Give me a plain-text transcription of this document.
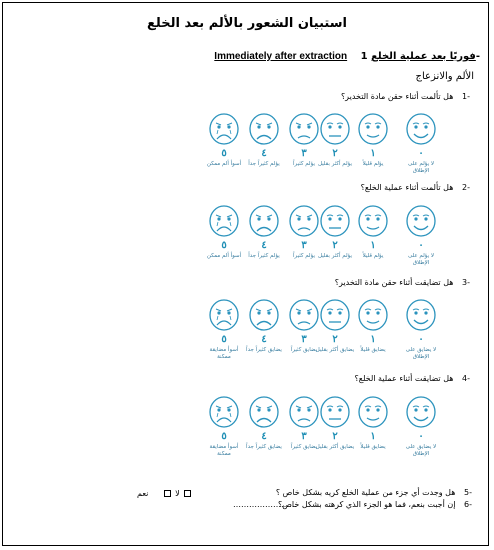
استبيان الشعور بالألم بعد الخلع
Immediately after extraction فوريًا بعد عملية الخلع 1-
الألم والانزعاج
هل تألمت أثناء حقن مادة التخدير؟ 1-
٠
لا يؤلم على الإطلاق
١
يؤلم قليلاً
٢
يؤلم أكثر بقليل
٣
يؤلم كثيراً
٤
يؤلم كثيراً جداً
٥
أسوأ ألم ممكن
هل تألمت أثناء عملية الخلع؟ 2-
٠
لا يؤلم على الإطلاق
١
يؤلم قليلاً
٢
يؤلم أكثر بقليل
٣
يؤلم كثيراً
٤
يؤلم كثيراً جداً
٥
أسوأ ألم ممكن
هل تضايقت أثناء حقن مادة التخدير؟ 3-
٠
لا يضايق على الإطلاق
١
يضايق قليلاً
٢
يضايق أكثر بقليل
٣
يضايق كثيراً
٤
يضايق كثيراً جداً
٥
أسوأ مضايقة ممكنة
هل تضايقت أثناء عملية الخلع؟ 4-
٠
لا يضايق على الإطلاق
١
يضايق قليلاً
٢
يضايق أكثر بقليل
٣
يضايق كثيراً
٤
يضايق كثيراً جداً
٥
أسوأ مضايقة ممكنة
هل وجدت أي جزء من عملية الخلع كريه بشكل خاص ؟ 5-
لا   نعم
……………………
إن أجبت بنعم، فما هو الجزء الذي كرهته بشكل خاص؟ 6-
